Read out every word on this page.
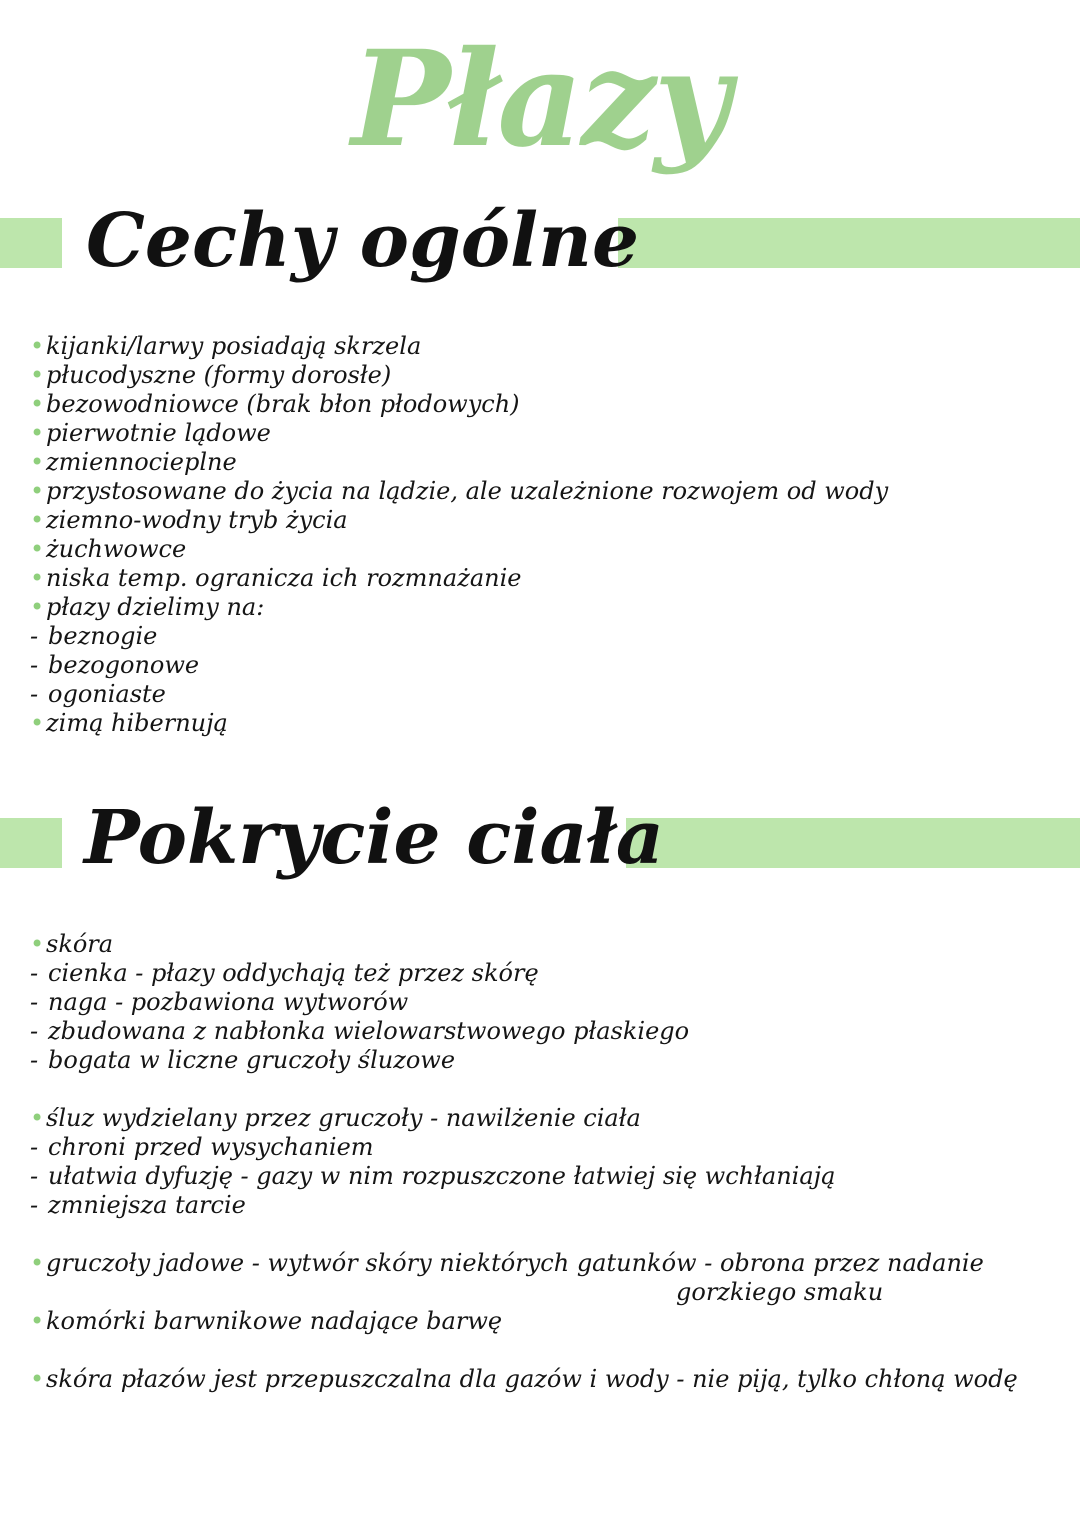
Płazy
Cechy ogólne
•kijanki/larwy posiadają skrzela
•płucodyszne (formy dorosłe)
•bezowodniowce (brak błon płodowych)
•pierwotnie lądowe
•zmiennocieplne
•przystosowane do życia na lądzie, ale uzależnione rozwojem od wody
•ziemno-wodny tryb życia
•żuchwowce
•niska temp. ogranicza ich rozmnażanie
•płazy dzielimy na:
- beznogie
- bezogonowe
- ogoniaste
•zimą hibernują
Pokrycie ciała
•skóra
- cienka - płazy oddychają też przez skórę
- naga - pozbawiona wytworów
- zbudowana z nabłonka wielowarstwowego płaskiego
- bogata w liczne gruczoły śluzowe
•śluz wydzielany przez gruczoły - nawilżenie ciała
- chroni przed wysychaniem
- ułatwia dyfuzję - gazy w nim rozpuszczone łatwiej się wchłaniają
- zmniejsza tarcie
•gruczoły jadowe - wytwór skóry niektórych gatunków - obrona przez nadanie
gorzkiego smaku
•komórki barwnikowe nadające barwę
•skóra płazów jest przepuszczalna dla gazów i wody - nie piją, tylko chłoną wodę
